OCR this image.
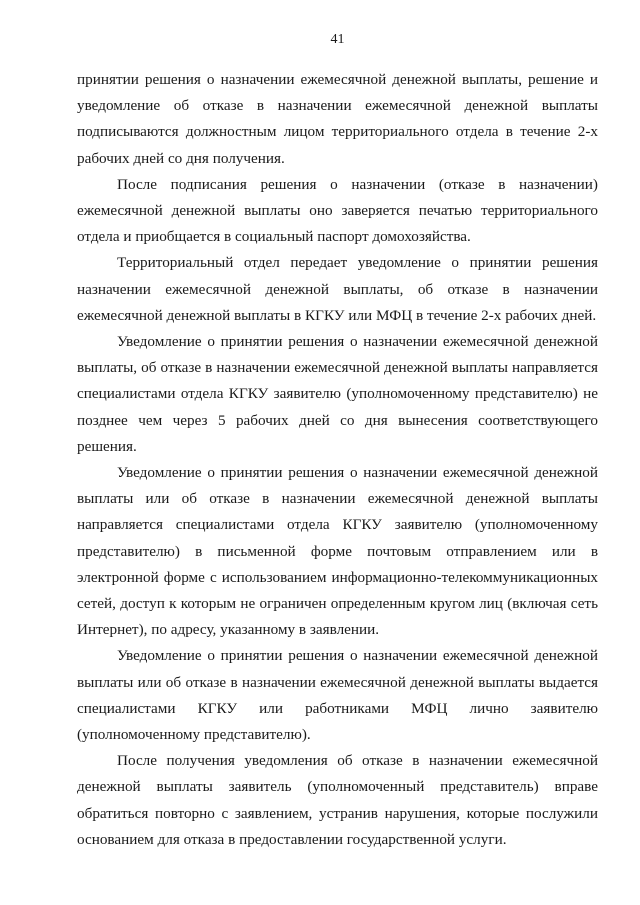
41

принятии решения о назначении ежемесячной денежной выплаты, решение и уведомление об отказе в назначении ежемесячной денежной выплаты подписываются должностным лицом территориального отдела в течение 2-х рабочих дней со дня получения.

После подписания решения о назначении (отказе в назначении) ежемесячной денежной выплаты оно заверяется печатью территориального отдела и приобщается в социальный паспорт домохозяйства.

Территориальный отдел передает уведомление о принятии решения назначении ежемесячной денежной выплаты, об отказе в назначении ежемесячной денежной выплаты в КГКУ или МФЦ в течение 2-х рабочих дней.

Уведомление о принятии решения о назначении ежемесячной денежной выплаты, об отказе в назначении ежемесячной денежной выплаты направляется специалистами отдела КГКУ заявителю (уполномоченному представителю) не позднее чем через 5 рабочих дней со дня вынесения соответствующего решения.

Уведомление о принятии решения о назначении ежемесячной денежной выплаты или об отказе в назначении ежемесячной денежной выплаты направляется специалистами отдела КГКУ заявителю (уполномоченному представителю) в письменной форме почтовым отправлением или в электронной форме с использованием информационно-телекоммуникационных сетей, доступ к которым не ограничен определенным кругом лиц (включая сеть Интернет), по адресу, указанному в заявлении.

Уведомление о принятии решения о назначении ежемесячной денежной выплаты или об отказе в назначении ежемесячной денежной выплаты выдается специалистами КГКУ или работниками МФЦ лично заявителю (уполномоченному представителю).

После получения уведомления об отказе в назначении ежемесячной денежной выплаты заявитель (уполномоченный представитель) вправе обратиться повторно с заявлением, устранив нарушения, которые послужили основанием для отказа в предоставлении государственной услуги.
